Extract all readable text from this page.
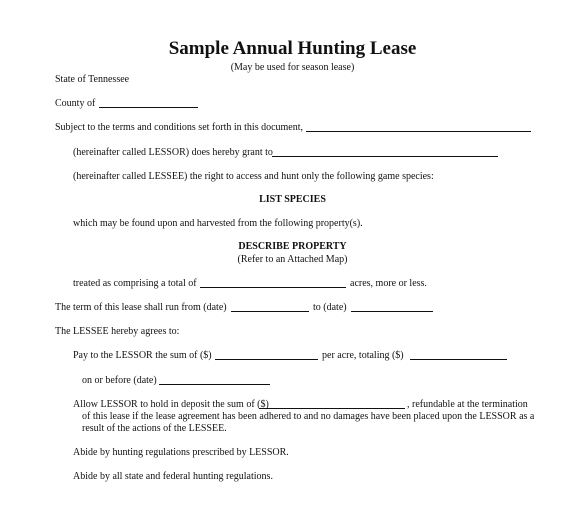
Sample Annual Hunting Lease
(May be used for season lease)
State of Tennessee
County of
Subject to the terms and conditions set forth in this document,
(hereinafter called LESSOR) does hereby grant to
(hereinafter called LESSEE) the right to access and hunt only the following game species:
LIST SPECIES
which may be found upon and harvested from the following property(s).
DESCRIBE PROPERTY
(Refer to an Attached Map)
treated as comprising a total of	acres, more or less.
The term of this lease shall run from (date)	to (date)
The LESSEE hereby agrees to:
Pay to the LESSOR the sum of ($)	per acre, totaling ($)
on or before (date)
Allow LESSOR to hold in deposit the sum of ($)	, refundable at the termination
of this lease if the lease agreement has been adhered to and no damages have been placed upon the LESSOR as a
result of the actions of the LESSEE.
Abide by hunting regulations prescribed by LESSOR.
Abide by all state and federal hunting regulations.
